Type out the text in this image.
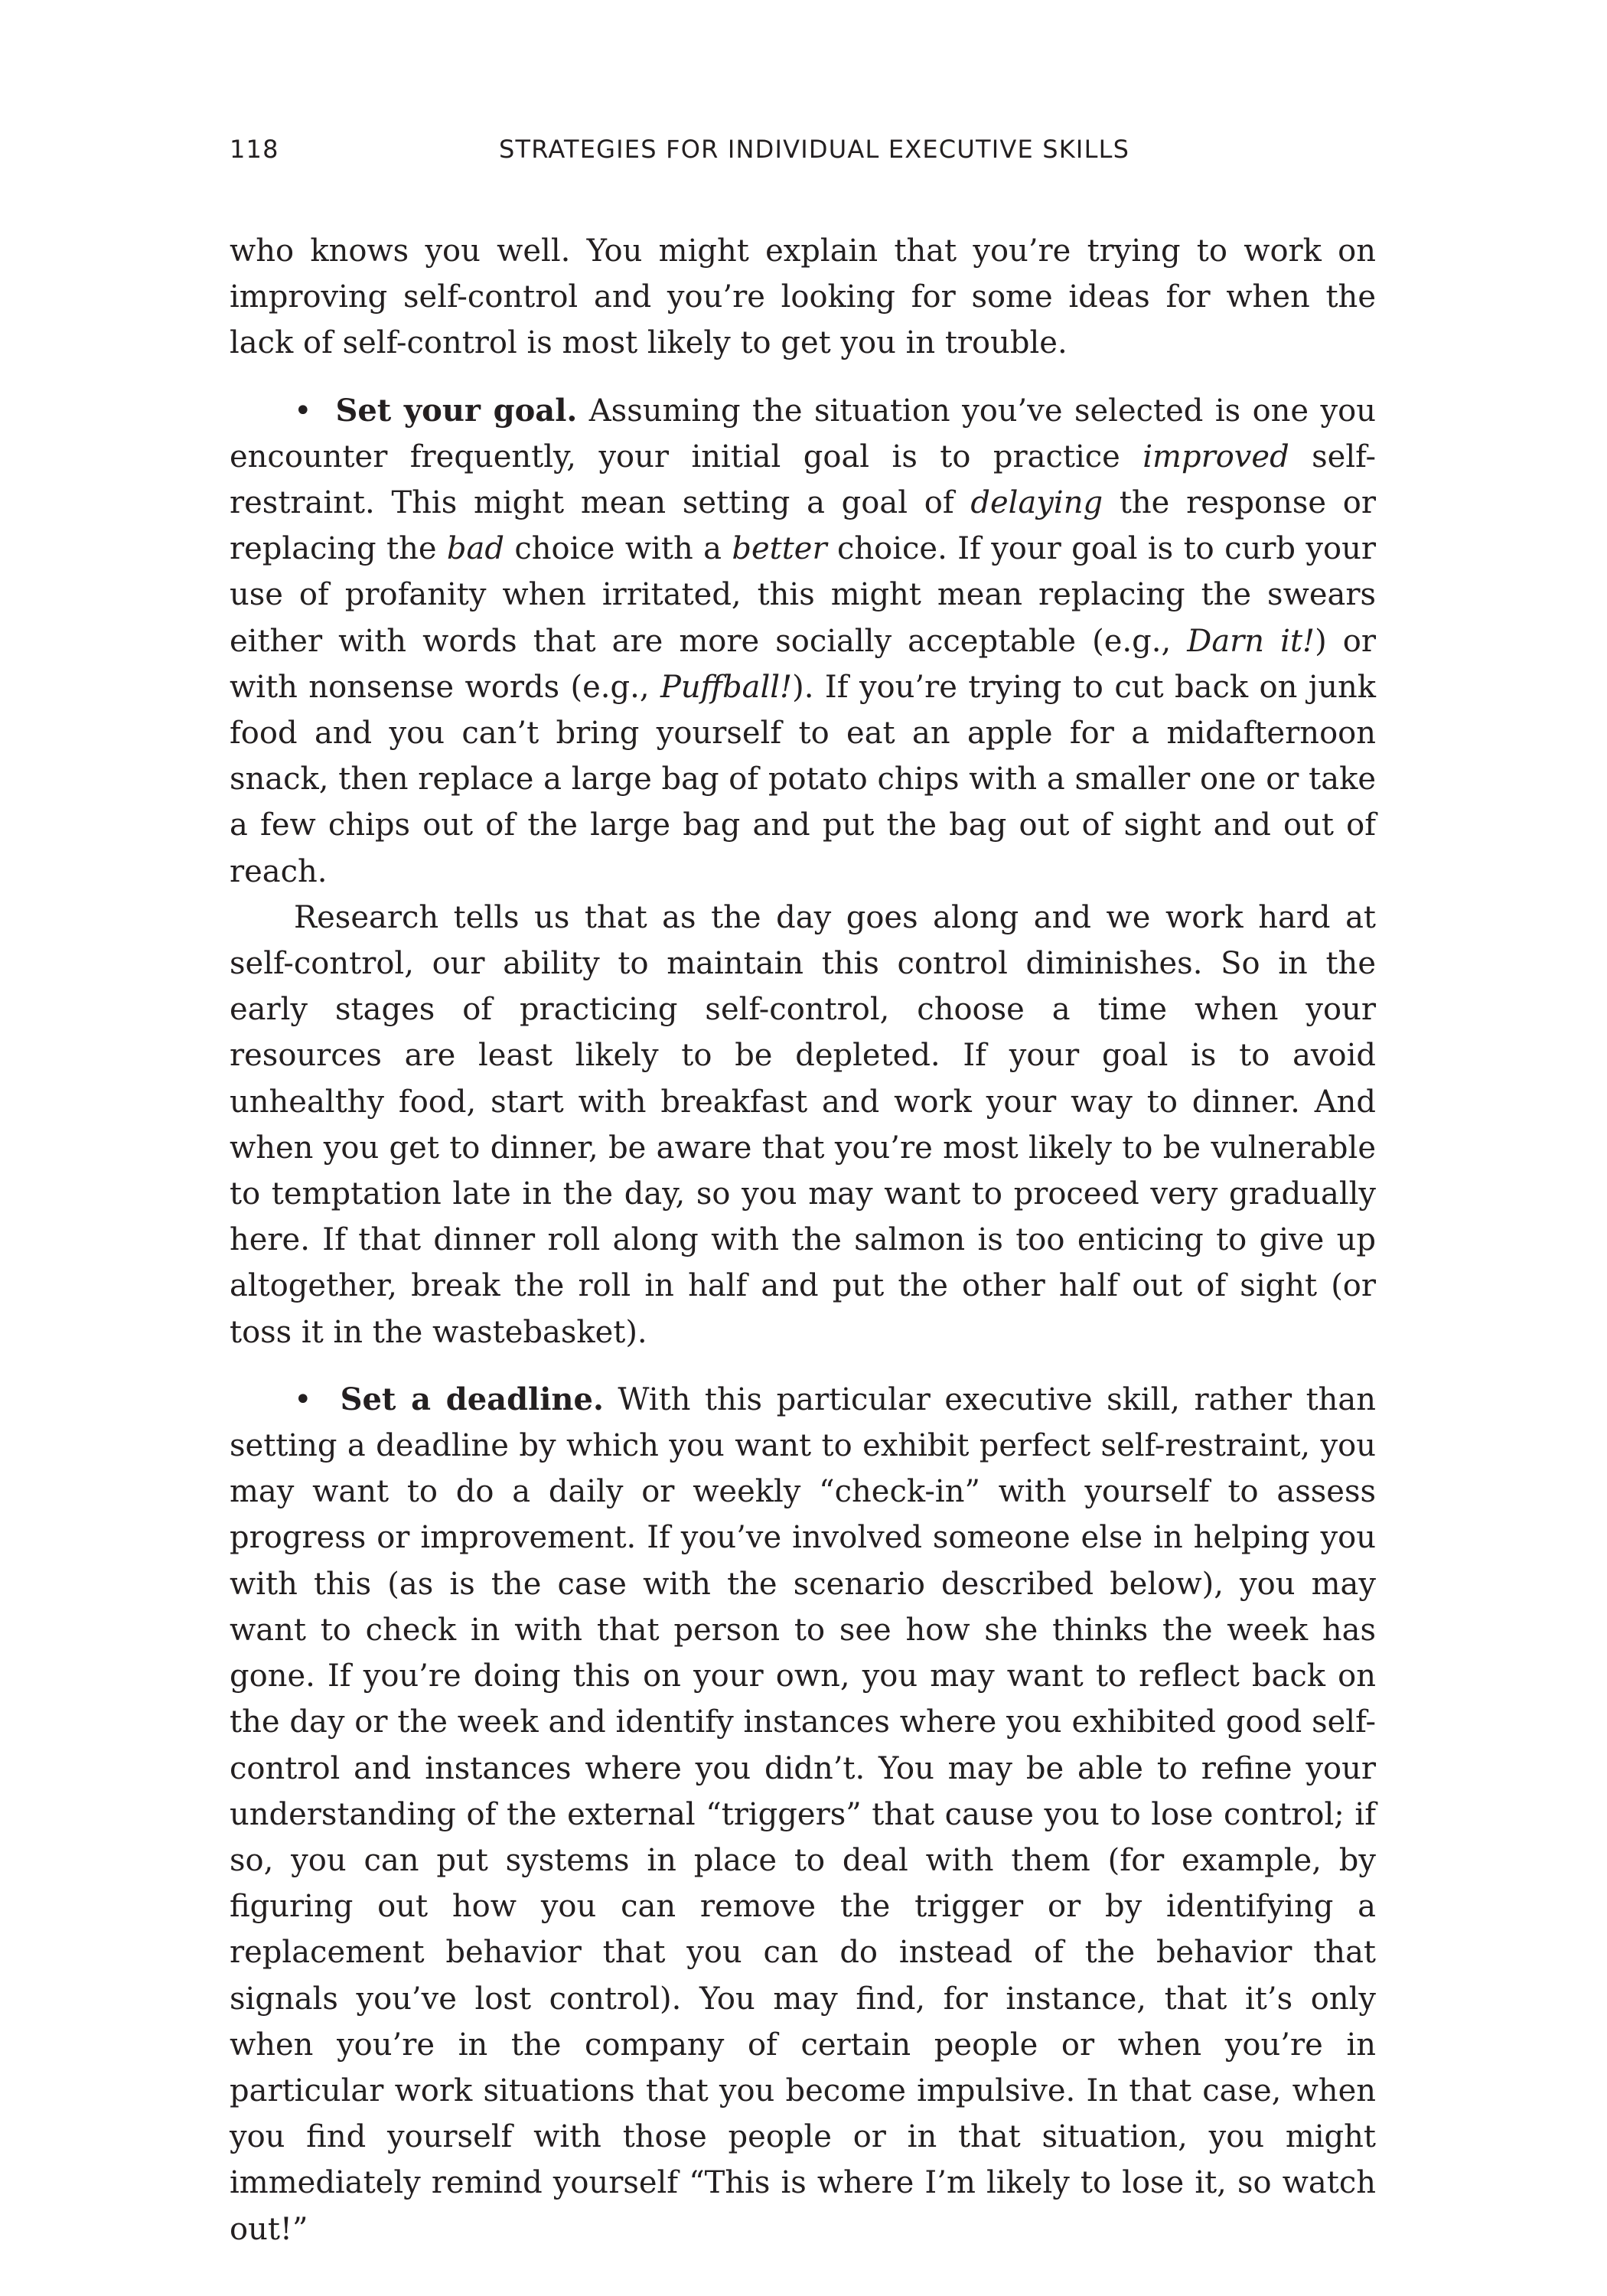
118	STRATEGIES FOR INDIVIDUAL EXECUTIVE SKILLS

who knows you well. You might explain that you’re trying to work on improving self-control and you’re looking for some ideas for when the lack of self-control is most likely to get you in trouble.

• Set your goal. Assuming the situation you’ve selected is one you encounter frequently, your initial goal is to practice improved self-restraint. This might mean setting a goal of delaying the response or replacing the bad choice with a better choice. If your goal is to curb your use of profanity when irritated, this might mean replacing the swears either with words that are more socially acceptable (e.g., Darn it!) or with nonsense words (e.g., Puffball!). If you’re trying to cut back on junk food and you can’t bring yourself to eat an apple for a midafternoon snack, then replace a large bag of potato chips with a smaller one or take a few chips out of the large bag and put the bag out of sight and out of reach.

Research tells us that as the day goes along and we work hard at self-control, our ability to maintain this control diminishes. So in the early stages of practicing self-control, choose a time when your resources are least likely to be depleted. If your goal is to avoid unhealthy food, start with breakfast and work your way to dinner. And when you get to dinner, be aware that you’re most likely to be vulnerable to temptation late in the day, so you may want to proceed very gradually here. If that dinner roll along with the salmon is too enticing to give up altogether, break the roll in half and put the other half out of sight (or toss it in the wastebasket).

• Set a deadline. With this particular executive skill, rather than setting a deadline by which you want to exhibit perfect self-restraint, you may want to do a daily or weekly “check-in” with yourself to assess progress or improvement. If you’ve involved someone else in helping you with this (as is the case with the scenario described below), you may want to check in with that person to see how she thinks the week has gone. If you’re doing this on your own, you may want to reflect back on the day or the week and identify instances where you exhibited good self-control and instances where you didn’t. You may be able to refine your understanding of the external “triggers” that cause you to lose control; if so, you can put systems in place to deal with them (for example, by figuring out how you can remove the trigger or by identifying a replacement behavior that you can do instead of the behavior that signals you’ve lost control). You may find, for instance, that it’s only when you’re in the company of certain people or when you’re in particular work situations that you become impulsive. In that case, when you find yourself with those people or in that situation, you might immediately remind yourself “This is where I’m likely to lose it, so watch out!”
